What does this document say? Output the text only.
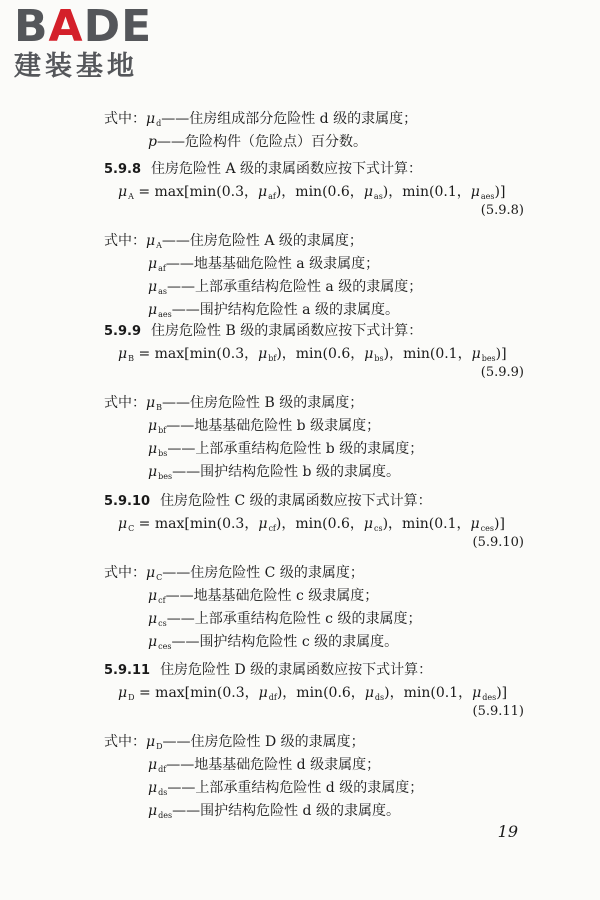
BADE
建装基地
式中：$\mu_d——$住房组成部分危险性 d 级的隶属度；
p——危险构件（危险点）百分数。
5.9.8 住房危险性 A 级的隶属函数应按下式计算：
$\mu_A = \max[\min(0.3$，$\mu_{af}$)，min(0.6，$\mu_{as}$)，min(0.1，$\mu_{aes}$)]
(5.9.8)
式中：$\mu_A——$住房危险性 A 级的隶属度；
$\mu_{af}——$地基基础危险性 a 级隶属度；
$\mu_{as}——$上部承重结构危险性 a 级的隶属度；
$\mu_{aes}——$围护结构危险性 a 级的隶属度。
5.9.9 住房危险性 B 级的隶属函数应按下式计算：
$\mu_B = \max[\min(0.3$，$\mu_{bf}$)，min(0.6，$\mu_{bs}$)，min(0.1，$\mu_{bes}$)]
(5.9.9)
式中：$\mu_B——$住房危险性 B 级的隶属度；
$\mu_{bf}——$地基基础危险性 b 级隶属度；
$\mu_{bs}——$上部承重结构危险性 b 级的隶属度；
$\mu_{bes}——$围护结构危险性 b 级的隶属度。
5.9.10 住房危险性 C 级的隶属函数应按下式计算：
$\mu_C = \max[\min(0.3$，$\mu_{cf}$)，min(0.6，$\mu_{cs}$)，min(0.1，$\mu_{ces}$)]
(5.9.10)
式中：$\mu_C——$住房危险性 C 级的隶属度；
$\mu_{cf}——$地基基础危险性 c 级隶属度；
$\mu_{cs}——$上部承重结构危险性 c 级的隶属度；
$\mu_{ces}——$围护结构危险性 c 级的隶属度。
5.9.11 住房危险性 D 级的隶属函数应按下式计算：
$\mu_D = \max[\min(0.3$，$\mu_{df}$)，min(0.6，$\mu_{ds}$)，min(0.1，$\mu_{des}$)]
(5.9.11)
式中：$\mu_D——$住房危险性 D 级的隶属度；
$\mu_{df}——$地基基础危险性 d 级隶属度；
$\mu_{ds}——$上部承重结构危险性 d 级的隶属度；
$\mu_{des}——$围护结构危险性 d 级的隶属度。
19
